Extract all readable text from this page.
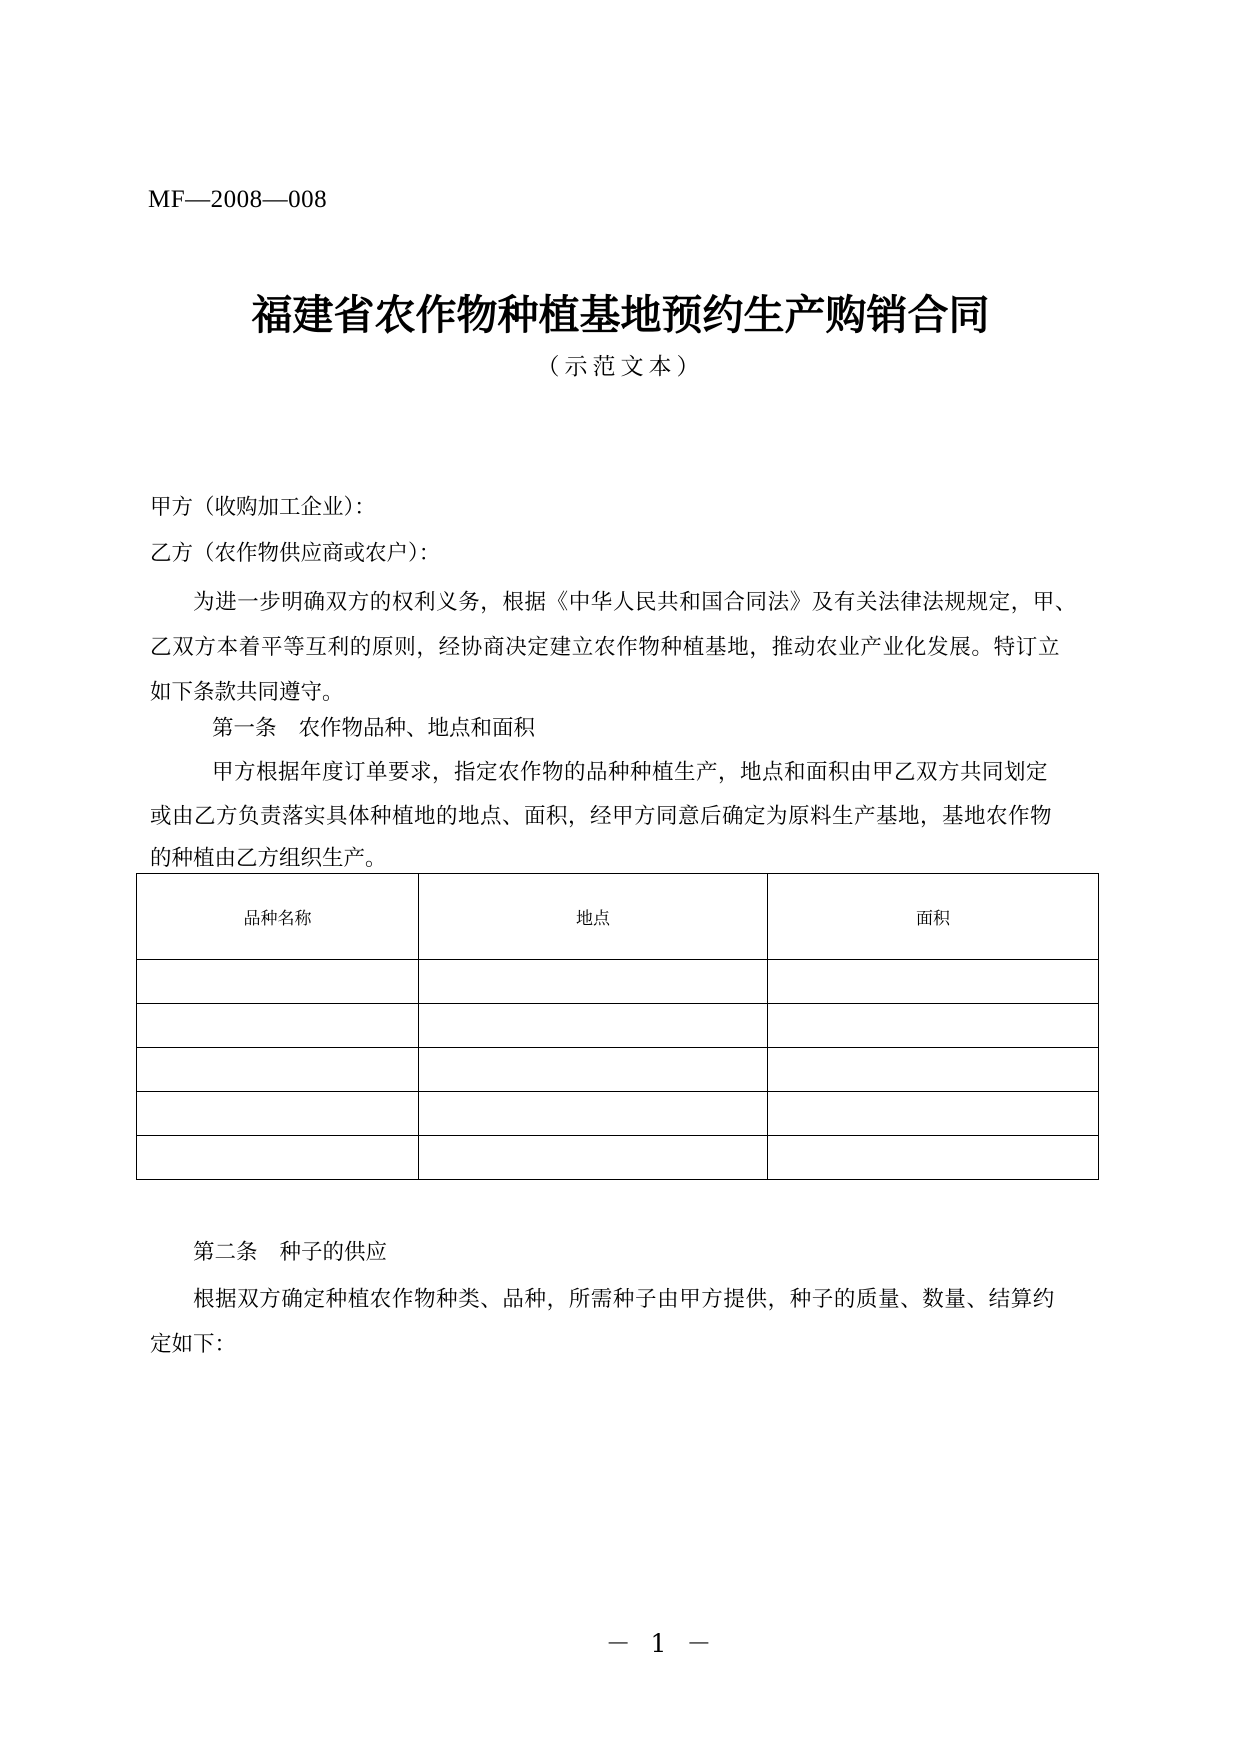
MF—2008—008
福建省农作物种植基地预约生产购销合同
（示范文本）
甲方（收购加工企业）：
乙方（农作物供应商或农户）：
为进一步明确双方的权利义务，根据《中华人民共和国合同法》及有关法律法规规定，甲、
乙双方本着平等互利的原则，经协商决定建立农作物种植基地，推动农业产业化发展。特订立
如下条款共同遵守。
第一条 农作物品种、地点和面积
甲方根据年度订单要求，指定农作物的品种种植生产，地点和面积由甲乙双方共同划定
或由乙方负责落实具体种植地的地点、面积，经甲方同意后确定为原料生产基地，基地农作物
的种植由乙方组织生产。
品种名称	地点	面积

第二条 种子的供应
根据双方确定种植农作物种类、品种，所需种子由甲方提供，种子的质量、数量、结算约
定如下：
－ 1 －
